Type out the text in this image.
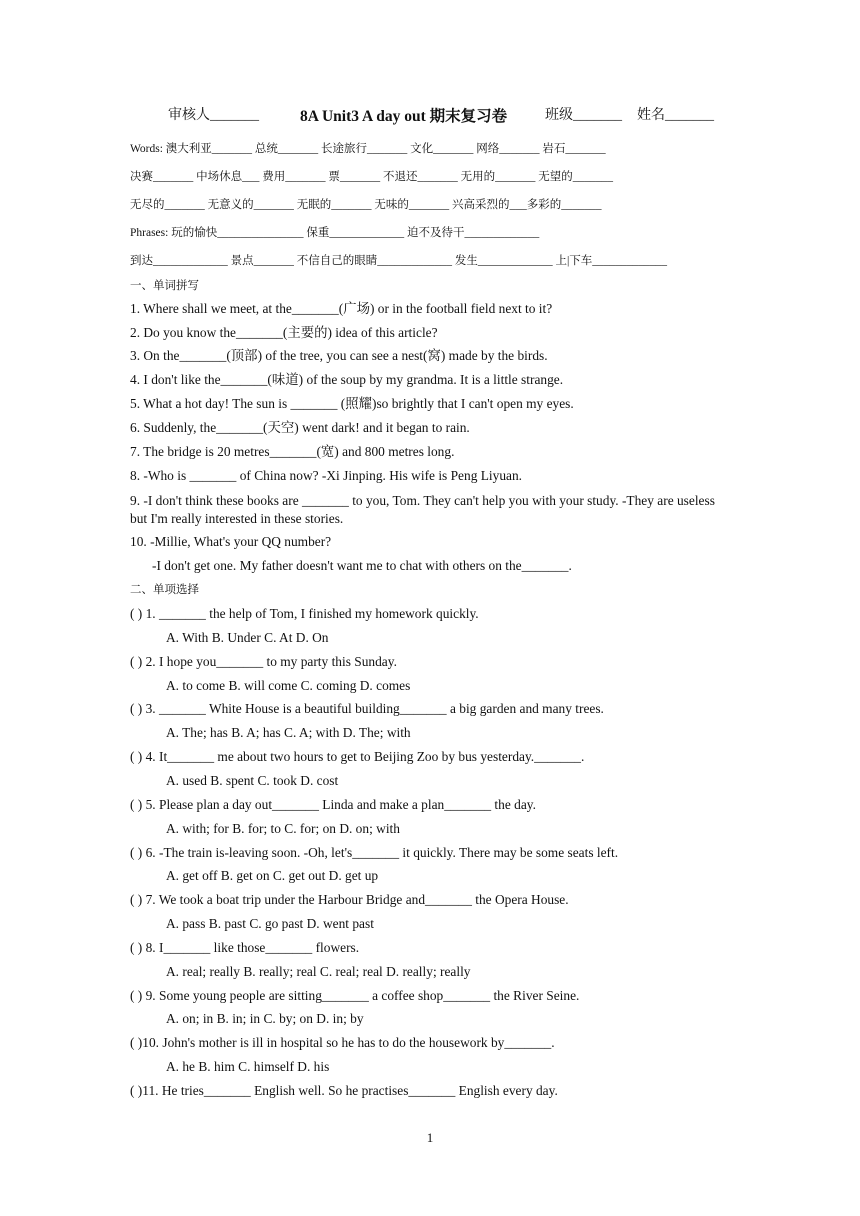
审核人_______	8A Unit3 A day out 期末复习卷	班级_______ 姓名_______
Words: 澳大利亚_______ 总统_______ 长途旅行_______ 文化_______ 网络_______ 岩石_______
决赛_______ 中场休息___ 费用_______ 票_______ 不退还_______ 无用的_______ 无望的_______
无尽的_______ 无意义的_______ 无眠的_______ 无味的_______ 兴高采烈的___多彩的_______
Phrases: 玩的愉快_______________ 保重_____________ 迫不及待干_____________
到达_____________ 景点_______ 不信自己的眼睛_____________ 发生_____________ 上|下车_____________
一、单词拼写
1. Where shall we meet, at the_______(广场) or in the football field next to it?
2. Do you know the_______(主要的) idea of this article?
3. On the_______(顶部) of the tree, you can see a nest(窝) made by the birds.
4. I don't like the_______(味道) of the soup by my grandma. It is a little strange.
5. What a hot day! The sun is _______ (照耀)so brightly that I can't open my eyes.
6. Suddenly, the_______(天空) went dark! and it began to rain.
7. The bridge is 20 metres_______(宽) and 800 metres long.
8. -Who is _______ of China now? -Xi Jinping. His wife is Peng Liyuan.
9. -I don't think these books are _______ to you, Tom. They can't help you with your study. -They are useless but I'm really interested in these stories.
10. -Millie, What's your QQ number?
-I don't get one. My father doesn't want me to chat with others on the_______.
二、单项选择
( ) 1. _______ the help of Tom, I finished my homework quickly.
A. With B. Under C. At D. On
( ) 2. I hope you_______ to my party this Sunday.
A. to come B. will come C. coming D. comes
( ) 3. _______ White House is a beautiful building_______ a big garden and many trees.
A. The; has B. A; has C. A; with D. The; with
( ) 4. It_______ me about two hours to get to Beijing Zoo by bus yesterday._______.
A. used B. spent C. took D. cost
( ) 5. Please plan a day out_______ Linda and make a plan_______ the day.
A. with; for B. for; to C. for; on D. on; with
( ) 6. -The train is-leaving soon. -Oh, let's_______ it quickly. There may be some seats left.
A. get off B. get on C. get out D. get up
( ) 7. We took a boat trip under the Harbour Bridge and_______ the Opera House.
A. pass B. past C. go past D. went past
( ) 8. I_______ like those_______ flowers.
A. real; really B. really; real C. real; real D. really; really
( ) 9. Some young people are sitting_______ a coffee shop_______ the River Seine.
A. on; in B. in; in C. by; on D. in; by
( )10. John's mother is ill in hospital so he has to do the housework by_______.
A. he B. him C. himself D. his
( )11. He tries_______ English well. So he practises_______ English every day.
1
